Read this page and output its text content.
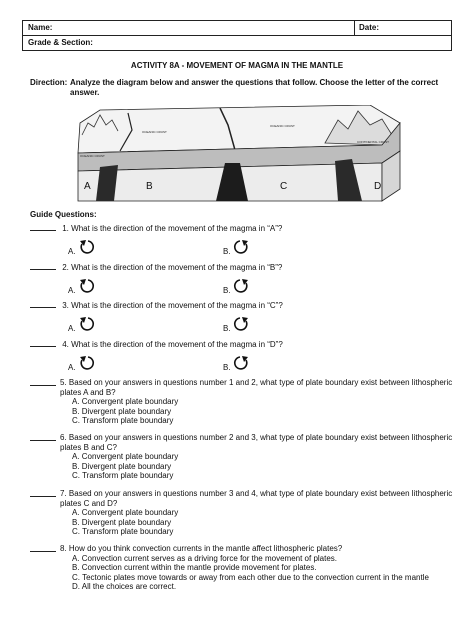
Name:	Date:
Grade & Section:
ACTIVITY 8A - MOVEMENT OF MAGMA IN THE MANTLE
Direction: Analyze the diagram below and answer the questions that follow. Choose the letter of the correct answer.
OCEANIC CRUST
OCEANIC CRUST
CONTINENTAL CRUST
OCEANIC CRUST
A	B	C	D
Guide Questions:
1. What is the direction of the movement of the magma in “A”?
A.	B.
2. What is the direction of the movement of the magma in “B”?
A.	B.
3. What is the direction of the movement of the magma in “C”?
A.	B.
4. What is the direction of the movement of the magma in “D”?
A.	B.
5. Based on your answers in questions number 1 and 2, what type of plate boundary exist between lithospheric plates A and B?
A. Convergent plate boundary
B. Divergent plate boundary
C. Transform plate boundary
6. Based on your answers in questions number 2 and 3, what type of plate boundary exist between lithospheric plates B and C?
A. Convergent plate boundary
B. Divergent plate boundary
C. Transform plate boundary
7. Based on your answers in questions number 3 and 4, what type of plate boundary exist between lithospheric plates C and D?
A. Convergent plate boundary
B. Divergent plate boundary
C. Transform plate boundary
8. How do you think convection currents in the mantle affect lithospheric plates?
A. Convection current serves as a driving force for the movement of plates.
B. Convection current within the mantle provide movement for plates.
C. Tectonic plates move towards or away from each other due to the convection current in the mantle
D. All the choices are correct.
